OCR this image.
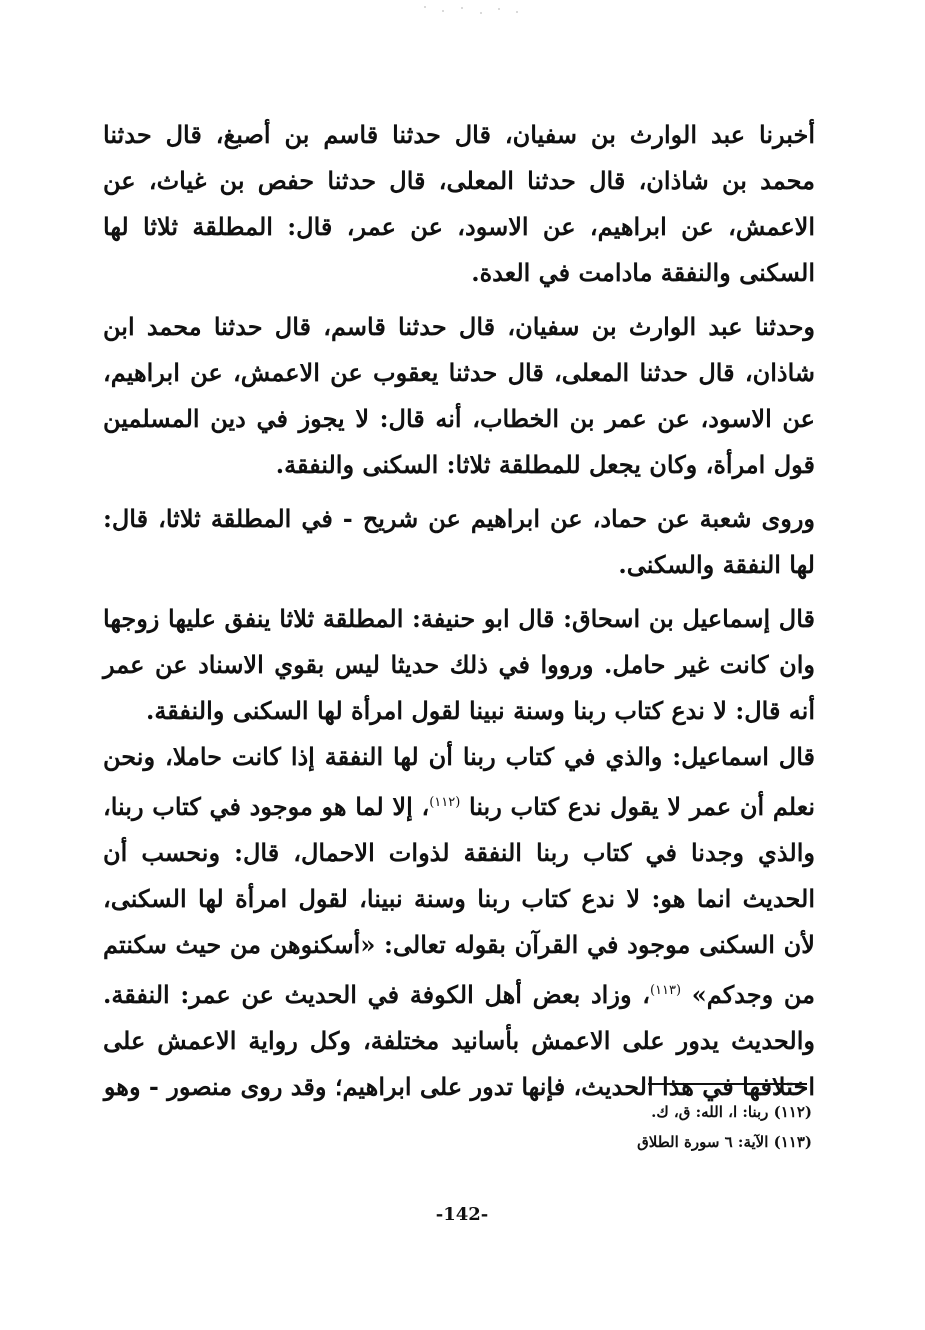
أخبرنا عبد الوارث بن سفيان، قال حدثنا قاسم بن أصبغ، قال حدثنا محمد بن شاذان، قال حدثنا المعلى، قال حدثنا حفص بن غياث، عن الاعمش، عن ابراهيم، عن الاسود، عن عمر، قال: المطلقة ثلاثا لها السكنى والنفقة مادامت في العدة.
وحدثنا عبد الوارث بن سفيان، قال حدثنا قاسم، قال حدثنا محمد ابن شاذان، قال حدثنا المعلى، قال حدثنا يعقوب عن الاعمش، عن ابراهيم، عن الاسود، عن عمر بن الخطاب، أنه قال: لا يجوز في دين المسلمين قول امرأة، وكان يجعل للمطلقة ثلاثا: السكنى والنفقة.
وروى شعبة عن حماد، عن ابراهيم عن شريح - في المطلقة ثلاثا، قال: لها النفقة والسكنى.
قال إسماعيل بن اسحاق: قال ابو حنيفة: المطلقة ثلاثا ينفق عليها زوجها وان كانت غير حامل. ورووا في ذلك حديثا ليس بقوي الاسناد عن عمر أنه قال: لا ندع كتاب ربنا وسنة نبينا لقول امرأة لها السكنى والنفقة.
قال اسماعيل: والذي في كتاب ربنا أن لها النفقة إذا كانت حاملا، ونحن نعلم أن عمر لا يقول ندع كتاب ربنا $^{(١١٢)}$، إلا لما هو موجود في كتاب ربنا، والذي وجدنا في كتاب ربنا النفقة لذوات الاحمال، قال: ونحسب أن الحديث انما هو: لا ندع كتاب ربنا وسنة نبينا، لقول امرأة لها السكنى، لأن السكنى موجود في القرآن بقوله تعالى: «أسكنوهن من حيث سكنتم من وجدكم» $^{(١١٣)}$، وزاد بعض أهل الكوفة في الحديث عن عمر: النفقة. والحديث يدور على الاعمش بأسانيد مختلفة، وكل رواية الاعمش على اختلافها في هذا الحديث، فإنها تدور على ابراهيم؛ وقد روى منصور - وهو
(١١٢) ربنا: ا، الله: ق، ك.
(١١٣) الآية: ٦ سورة الطلاق
-142-
